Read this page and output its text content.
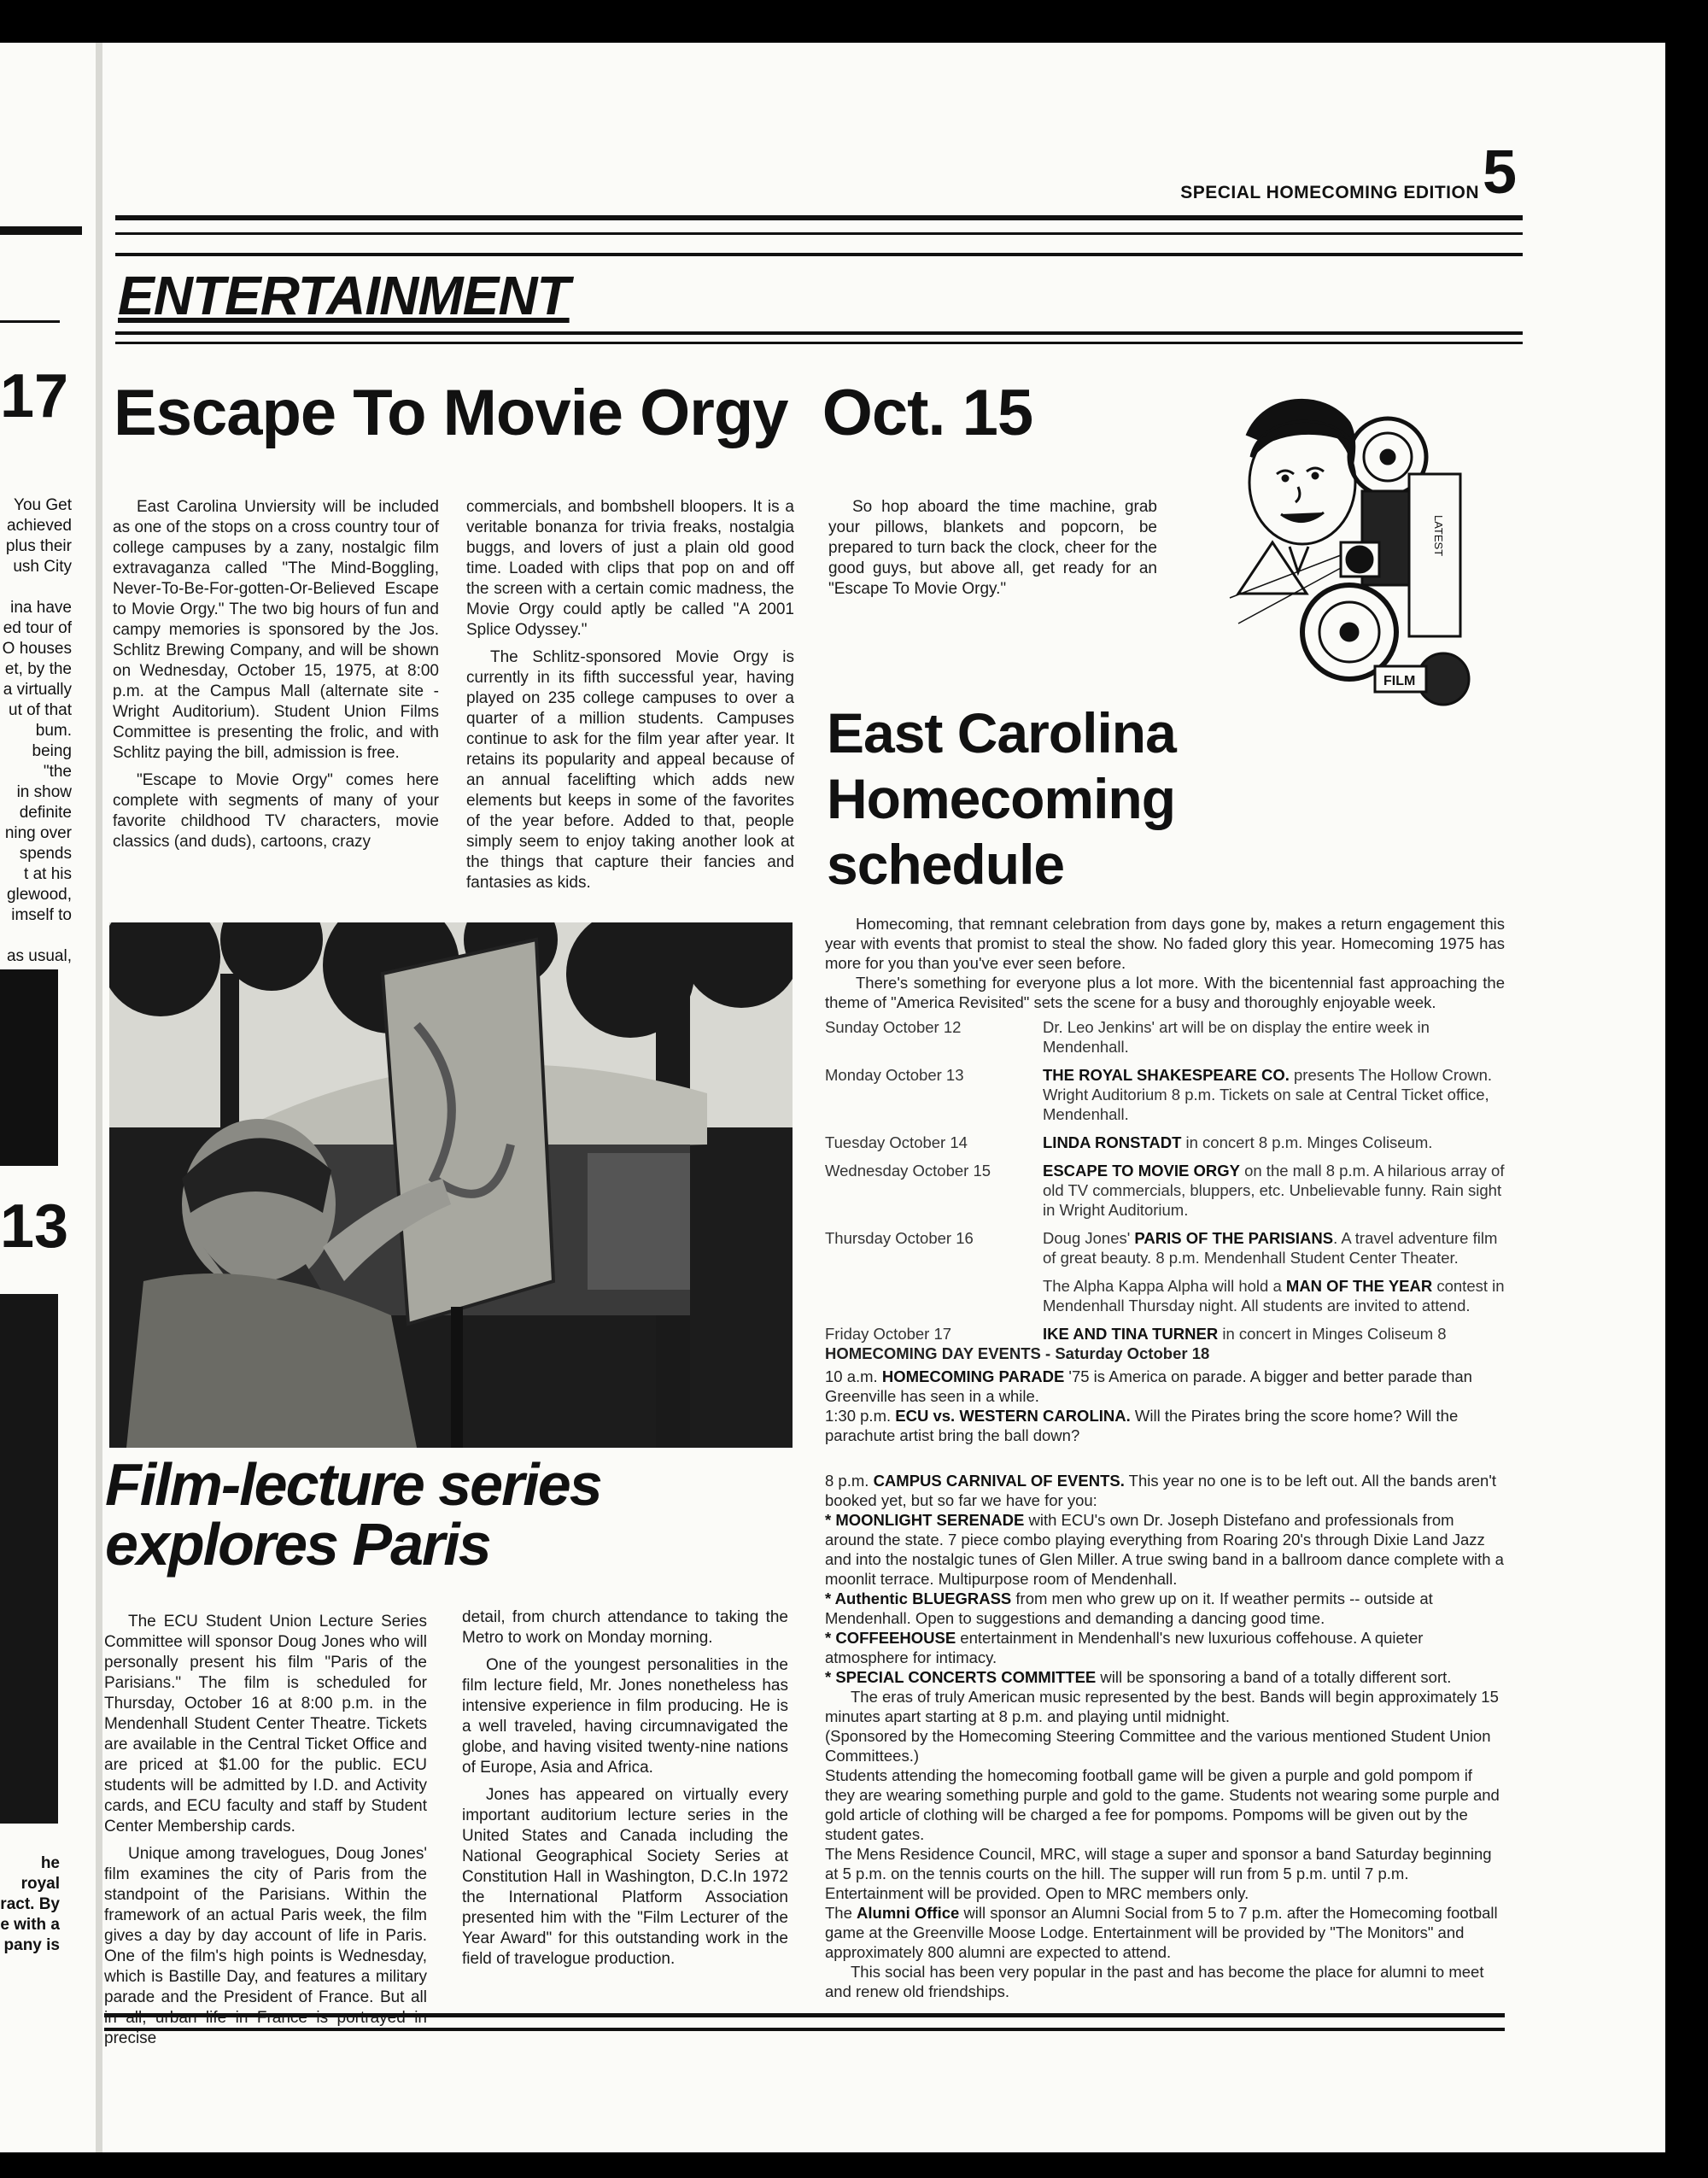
17
You Get
achieved
plus their
ush City

ina have
ed tour of
O houses
et, by the
a virtually
ut of that
bum.
being "the
in show
definite
ning over
spends
t at his
glewood,
imself to

as usual,
13
he royal
ract. By
e with a
pany is
SPECIAL HOMECOMING EDITION 5
ENTERTAINMENT
Escape To Movie Orgy  Oct. 15

East Carolina Unviersity will be included as one of the stops on a cross country tour of college campuses by a zany, nostalgic film extravaganza called "The Mind-Boggling, Never-To-Be-For-gotten-Or-Believed Escape to Movie Orgy." The two big hours of fun and campy memories is sponsored by the Jos. Schlitz Brewing Company, and will be shown on Wednesday, October 15, 1975, at 8:00 p.m. at the Campus Mall (alternate site - Wright Auditorium). Student Union Films Committee is presenting the frolic, and with Schlitz paying the bill, admission is free.

"Escape to Movie Orgy" comes here complete with segments of many of your favorite childhood TV characters, movie classics (and duds), cartoons, crazy

commercials, and bombshell bloopers. It is a veritable bonanza for trivia freaks, nostalgia buggs, and lovers of just a plain old good time. Loaded with clips that pop on and off the screen with a certain comic madness, the Movie Orgy could aptly be called "A 2001 Splice Odyssey."

The Schlitz-sponsored Movie Orgy is currently in its fifth successful year, having played on 235 college campuses to over a quarter of a million students. Campuses continue to ask for the film year after year. It retains its popularity and appeal because of an annual facelifting which adds new elements but keeps in some of the favorites of the year before. Added to that, people simply seem to enjoy taking another look at the things that capture their fancies and fantasies as kids.

So hop aboard the time machine, grab your pillows, blankets and popcorn, be prepared to turn back the clock, cheer for the good guys, but above all, get ready for an "Escape To Movie Orgy."

LATEST
FILM
Film-lecture series
explores Paris

The ECU Student Union Lecture Series Committee will sponsor Doug Jones who will personally present his film "Paris of the Parisians." The film is scheduled for Thursday, October 16 at 8:00 p.m. in the Mendenhall Student Center Theatre. Tickets are available in the Central Ticket Office and are priced at $1.00 for the public. ECU students will be admitted by I.D. and Activity cards, and ECU faculty and staff by Student Center Membership cards.

Unique among travelogues, Doug Jones' film examines the city of Paris from the standpoint of the Parisians. Within the framework of an actual Paris week, the film gives a day by day account of life in Paris. One of the film's high points is Wednesday, which is Bastille Day, and features a military parade and the President of France. But all in all, urban life in France is portrayed in precise

detail, from church attendance to taking the Metro to work on Monday morning.

One of the youngest personalities in the film lecture field, Mr. Jones nonetheless has intensive experience in film producing. He is a well traveled, having circumnavigated the globe, and having visited twenty-nine nations of Europe, Asia and Africa.

Jones has appeared on virtually every important auditorium lecture series in the United States and Canada including the National Geographical Society Series at Constitution Hall in Washington, D.C.In 1972 the International Platform Association presented him with the "Film Lecturer of the Year Award" for this outstanding work in the field of travelogue production.

East Carolina
Homecoming
schedule

Homecoming, that remnant celebration from days gone by, makes a return engagement this year with events that promist to steal the show. No faded glory this year. Homecoming 1975 has more for you than you've ever seen before.

There's something for everyone plus a lot more. With the bicentennial fast approaching the theme of "America Revisited" sets the scene for a busy and thoroughly enjoyable week.

Sunday October 12	Dr. Leo Jenkins' art will be on display the entire week in Mendenhall.
Monday October 13	THE ROYAL SHAKESPEARE CO. presents The Hollow Crown. Wright Auditorium 8 p.m. Tickets on sale at Central Ticket office, Mendenhall.
Tuesday October 14	LINDA RONSTADT in concert 8 p.m. Minges Coliseum.
Wednesday October 15	ESCAPE TO MOVIE ORGY on the mall 8 p.m. A hilarious array of old TV commercials, bluppers, etc. Unbelievable funny. Rain sight in Wright Auditorium.
Thursday October 16	Doug Jones' PARIS OF THE PARISIANS. A travel adventure film of great beauty. 8 p.m. Mendenhall Student Center Theater.
The Alpha Kappa Alpha will hold a MAN OF THE YEAR contest in Mendenhall Thursday night. All students are invited to attend.
Friday October 17	IKE AND TINA TURNER in concert in Minges Coliseum 8

HOMECOMING DAY EVENTS - Saturday October 18

10 a.m. HOMECOMING PARADE '75 is America on parade. A bigger and better parade than Greenville has seen in a while.

1:30 p.m. ECU vs. WESTERN CAROLINA. Will the Pirates bring the score home? Will the parachute artist bring the ball down?

8 p.m. CAMPUS CARNIVAL OF EVENTS. This year no one is to be left out. All the bands aren't booked yet, but so far we have for you:

* MOONLIGHT SERENADE with ECU's own Dr. Joseph Distefano and professionals from around the state. 7 piece combo playing everything from Roaring 20's through Dixie Land Jazz and into the nostalgic tunes of Glen Miller. A true swing band in a ballroom dance complete with a moonlit terrace. Multipurpose room of Mendenhall.

* Authentic BLUEGRASS from men who grew up on it. If weather permits -- outside at Mendenhall. Open to suggestions and demanding a dancing good time.

* COFFEEHOUSE entertainment in Mendenhall's new luxurious coffehouse. A quieter atmosphere for intimacy.

* SPECIAL CONCERTS COMMITTEE will be sponsoring a band of a totally different sort.

The eras of truly American music represented by the best. Bands will begin approximately 15 minutes apart starting at 8 p.m. and playing until midnight.

(Sponsored by the Homecoming Steering Committee and the various mentioned Student Union Committees.)

Students attending the homecoming football game will be given a purple and gold pompom if they are wearing something purple and gold to the game. Students not wearing some purple and gold article of clothing will be charged a fee for pompoms. Pompoms will be given out by the student gates.

The Mens Residence Council, MRC, will stage a super and sponsor a band Saturday beginning at 5 p.m. on the tennis courts on the hill. The supper will run from 5 p.m. until 7 p.m. Entertainment will be provided. Open to MRC members only.

The Alumni Office will sponsor an Alumni Social from 5 to 7 p.m. after the Homecoming football game at the Greenville Moose Lodge. Entertainment will be provided by "The Monitors" and approximately 800 alumni are expected to attend.

This social has been very popular in the past and has become the place for alumni to meet and renew old friendships.
